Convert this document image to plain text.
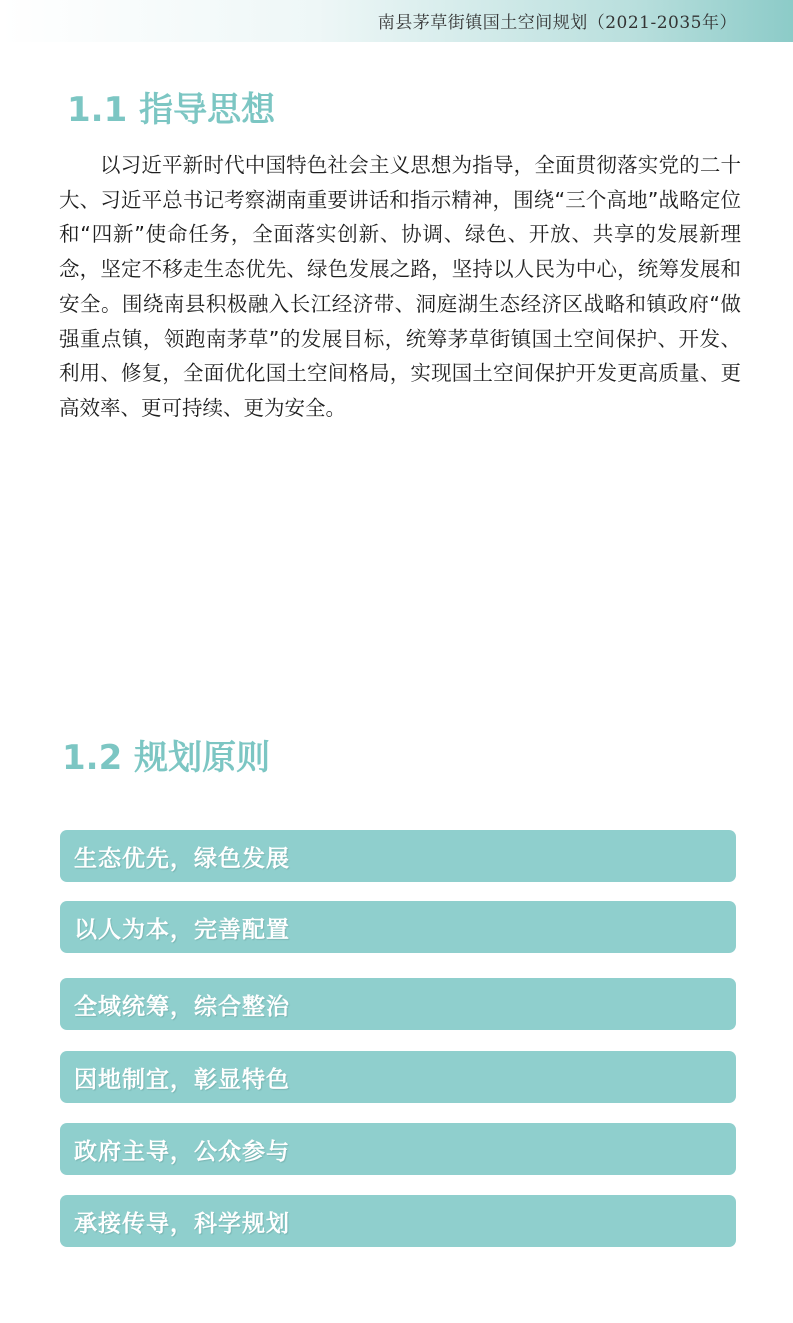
南县茅草街镇国土空间规划（2021-2035年）
1.1 指导思想

以习近平新时代中国特色社会主义思想为指导，全面贯彻落实党的二十大、习近平总书记考察湖南重要讲话和指示精神，围绕“三个高地”战略定位和“四新”使命任务，全面落实创新、协调、绿色、开放、共享的发展新理念，坚定不移走生态优先、绿色发展之路，坚持以人民为中心，统筹发展和安全。围绕南县积极融入长江经济带、洞庭湖生态经济区战略和镇政府“做强重点镇，领跑南茅草”的发展目标，统筹茅草街镇国土空间保护、开发、利用、修复，全面优化国土空间格局，实现国土空间保护开发更高质量、更高效率、更可持续、更为安全。

1.2 规划原则
生态优先，绿色发展
以人为本，完善配置
全域统筹，综合整治
因地制宜，彰显特色
政府主导，公众参与
承接传导，科学规划
